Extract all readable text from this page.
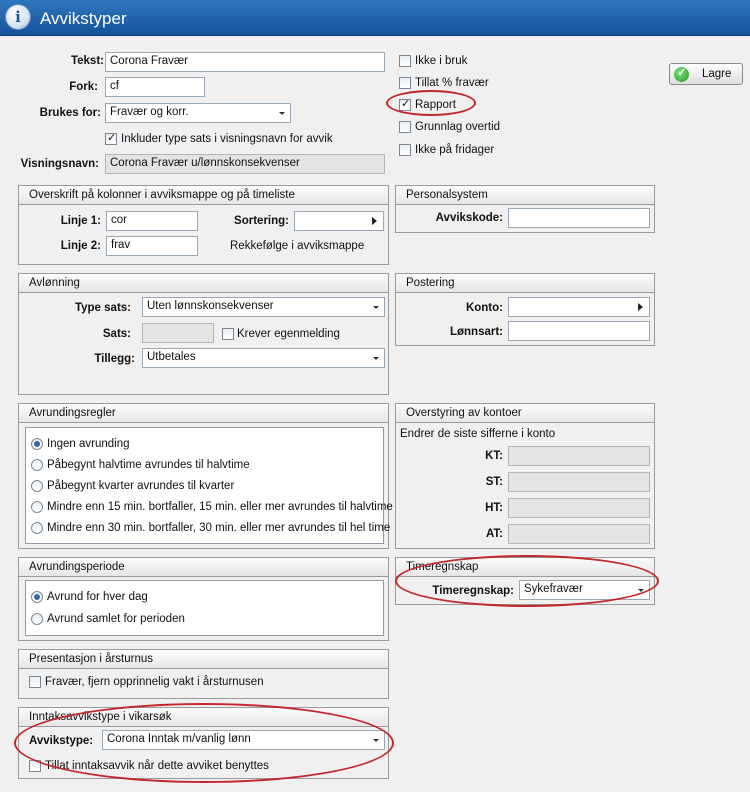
i	Avvikstyper
Tekst: Corona Fravær
Fork:	cf
Brukes for: Fravær og korr.
✓ Inkluder type sats i visningsnavn for avvik
Visningsnavn: Corona Fravær u/lønnskonsekvenser
Ikke i bruk
Tillat % fravær
✓ Rapport
Grunnlag overtid
Ikke på fridager
✓ Lagre
Overskrift på kolonner i avviksmappe og på timeliste
Linje 1: cor
Linje 2: frav
Sortering:
Rekkefølge i avviksmappe
Personalsystem
Avvikskode:
Avlønning
Type sats:	Uten lønnskonsekvenser
Sats:	Krever egenmelding
Tillegg:	Utbetales
Postering
Konto:
Lønnsart:
Avrundingsregler
Ingen avrunding
Påbegynt halvtime avrundes til halvtime
Påbegynt kvarter avrundes til kvarter
Mindre enn 15 min. bortfaller, 15 min. eller mer avrundes til halvtime
Mindre enn 30 min. bortfaller, 30 min. eller mer avrundes til hel time
Overstyring av kontoer
Endrer de siste sifferne i konto
KT:
ST:
HT:
AT:
Avrundingsperiode
Avrund for hver dag
Avrund samlet for perioden
Timeregnskap
Timeregnskap: Sykefravær
Presentasjon i årsturnus
Fravær, fjern opprinnelig vakt i årsturnusen
Inntaksavvikstype i vikarsøk
Avvikstype:	Corona Inntak m/vanlig lønn
Tillat inntaksavvik når dette avviket benyttes
